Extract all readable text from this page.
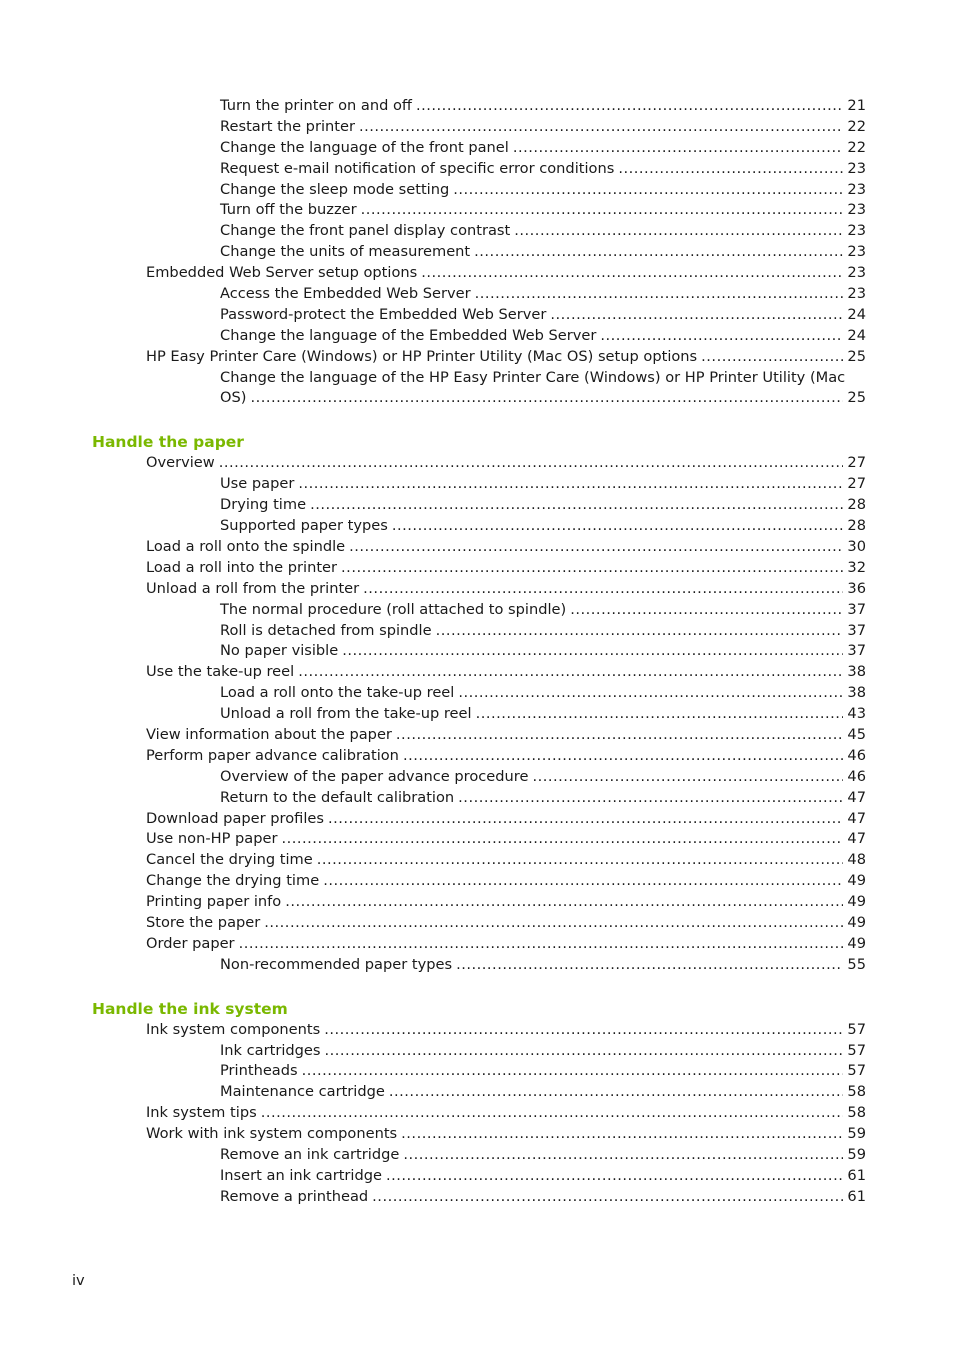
Turn the printer on and off .....	21
Restart the printer .....	22
Change the language of the front panel .....	22
Request e-mail notification of specific error conditions .....	23
Change the sleep mode setting .....	23
Turn off the buzzer .....	23
Change the front panel display contrast .....	23
Change the units of measurement .....	23
Embedded Web Server setup options .....	23
Access the Embedded Web Server .....	23
Password-protect the Embedded Web Server .....	24
Change the language of the Embedded Web Server .....	24
HP Easy Printer Care (Windows) or HP Printer Utility (Mac OS) setup options .....	25
Change the language of the HP Easy Printer Care (Windows) or HP Printer Utility (Mac
OS) .....	25
Handle the paper
Overview .....	27
Use paper .....	27
Drying time .....	28
Supported paper types .....	28
Load a roll onto the spindle .....	30
Load a roll into the printer .....	32
Unload a roll from the printer .....	36
The normal procedure (roll attached to spindle) .....	37
Roll is detached from spindle .....	37
No paper visible .....	37
Use the take-up reel .....	38
Load a roll onto the take-up reel .....	38
Unload a roll from the take-up reel .....	43
View information about the paper .....	45
Perform paper advance calibration .....	46
Overview of the paper advance procedure .....	46
Return to the default calibration .....	47
Download paper profiles .....	47
Use non-HP paper .....	47
Cancel the drying time .....	48
Change the drying time .....	49
Printing paper info .....	49
Store the paper .....	49
Order paper .....	49
Non-recommended paper types .....	55
Handle the ink system
Ink system components .....	57
Ink cartridges .....	57
Printheads .....	57
Maintenance cartridge .....	58
Ink system tips .....	58
Work with ink system components .....	59
Remove an ink cartridge .....	59
Insert an ink cartridge .....	61
Remove a printhead .....	61
iv
